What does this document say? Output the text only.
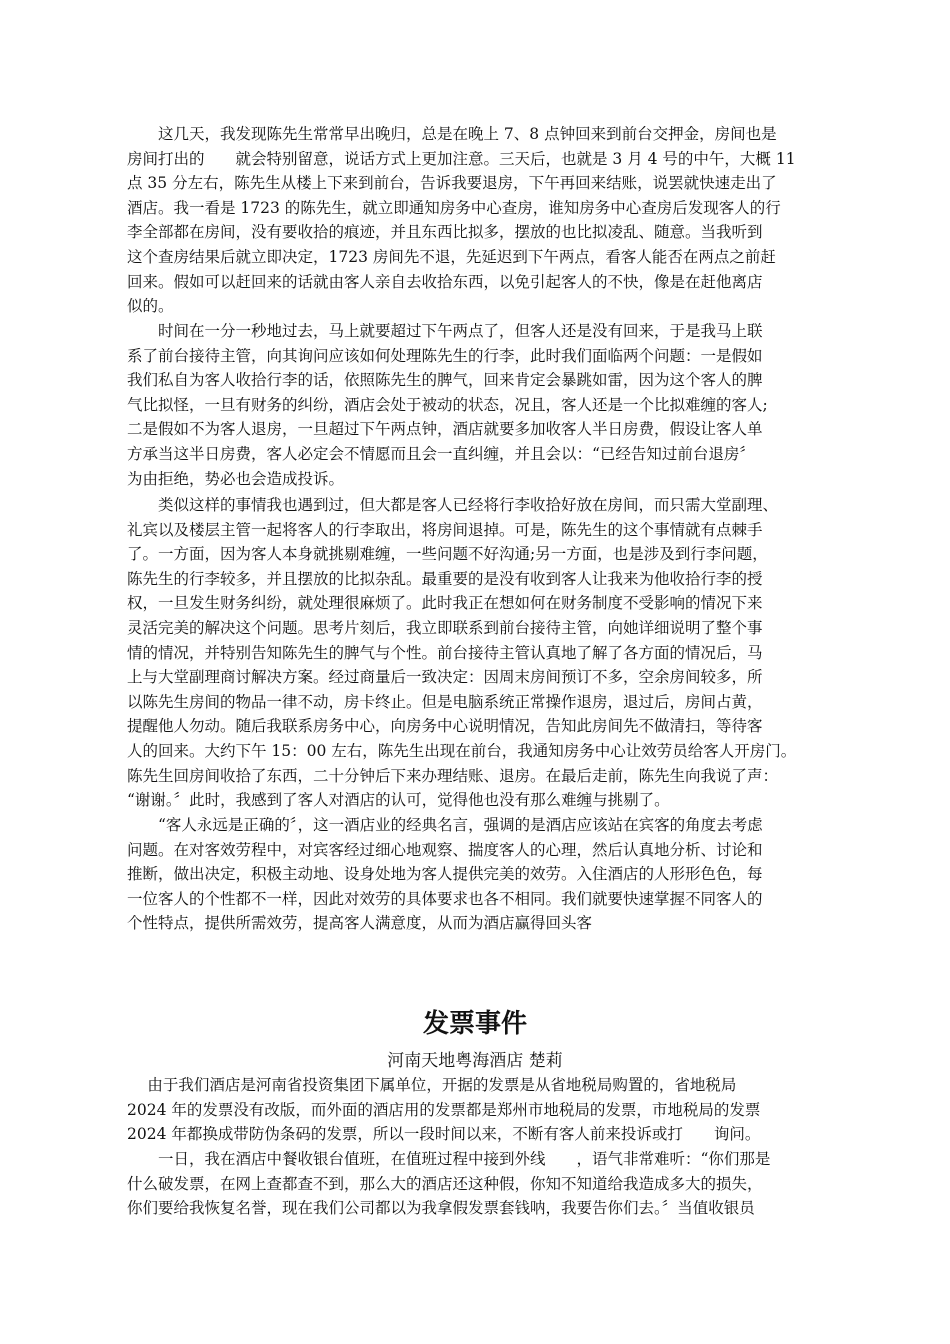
　　这几天，我发现陈先生常常早出晚归，总是在晚上 7、8 点钟回来到前台交押金，房间也是
房间打出的　　就会特别留意，说话方式上更加注意。三天后，也就是 3 月 4 号的中午，大概 11
点 35 分左右，陈先生从楼上下来到前台，告诉我要退房，下午再回来结账，说罢就快速走出了
酒店。我一看是 1723 的陈先生，就立即通知房务中心查房，谁知房务中心查房后发现客人的行
李全部都在房间，没有要收拾的痕迹，并且东西比拟多，摆放的也比拟凌乱、随意。当我听到
这个查房结果后就立即决定，1723 房间先不退，先延迟到下午两点，看客人能否在两点之前赶
回来。假如可以赶回来的话就由客人亲自去收拾东西，以免引起客人的不快，像是在赶他离店
似的。
　　时间在一分一秒地过去，马上就要超过下午两点了，但客人还是没有回来，于是我马上联
系了前台接待主管，向其询问应该如何处理陈先生的行李，此时我们面临两个问题：一是假如
我们私自为客人收拾行李的话，依照陈先生的脾气，回来肯定会暴跳如雷，因为这个客人的脾
气比拟怪，一旦有财务的纠纷，酒店会处于被动的状态，况且，客人还是一个比拟难缠的客人;
二是假如不为客人退房，一旦超过下午两点钟，酒店就要多加收客人半日房费，假设让客人单
方承当这半日房费，客人必定会不情愿而且会一直纠缠，并且会以：“已经告知过前台退房〞
为由拒绝，势必也会造成投诉。
　　类似这样的事情我也遇到过，但大都是客人已经将行李收拾好放在房间，而只需大堂副理、
礼宾以及楼层主管一起将客人的行李取出，将房间退掉。可是，陈先生的这个事情就有点棘手
了。一方面，因为客人本身就挑剔难缠，一些问题不好沟通;另一方面，也是涉及到行李问题，
陈先生的行李较多，并且摆放的比拟杂乱。最重要的是没有收到客人让我来为他收拾行李的授
权，一旦发生财务纠纷，就处理很麻烦了。此时我正在想如何在财务制度不受影响的情况下来
灵活完美的解决这个问题。思考片刻后，我立即联系到前台接待主管，向她详细说明了整个事
情的情况，并特别告知陈先生的脾气与个性。前台接待主管认真地了解了各方面的情况后，马
上与大堂副理商讨解决方案。经过商量后一致决定：因周末房间预订不多，空余房间较多，所
以陈先生房间的物品一律不动，房卡终止。但是电脑系统正常操作退房，退过后，房间占黄，
提醒他人勿动。随后我联系房务中心，向房务中心说明情况，告知此房间先不做清扫，等待客
人的回来。大约下午 15：00 左右，陈先生出现在前台，我通知房务中心让效劳员给客人开房门。
陈先生回房间收拾了东西，二十分钟后下来办理结账、退房。在最后走前，陈先生向我说了声：
“谢谢。〞此时，我感到了客人对酒店的认可，觉得他也没有那么难缠与挑剔了。
　　“客人永远是正确的〞，这一酒店业的经典名言，强调的是酒店应该站在宾客的角度去考虑
问题。在对客效劳程中，对宾客经过细心地观察、揣度客人的心理，然后认真地分析、讨论和
推断，做出决定，积极主动地、设身处地为客人提供完美的效劳。入住酒店的人形形色色，每
一位客人的个性都不一样，因此对效劳的具体要求也各不相同。我们就要快速掌握不同客人的
个性特点，提供所需效劳，提高客人满意度，从而为酒店赢得回头客
发票事件

河南天地粤海酒店 楚莉

　 由于我们酒店是河南省投资集团下属单位，开据的发票是从省地税局购置的，省地税局
2024 年的发票没有改版，而外面的酒店用的发票都是郑州市地税局的发票，市地税局的发票
2024 年都换成带防伪条码的发票，所以一段时间以来，不断有客人前来投诉或打　　询问。
　　一日，我在酒店中餐收银台值班，在值班过程中接到外线　　，语气非常难听：“你们那是
什么破发票，在网上查都查不到，那么大的酒店还这种假，你知不知道给我造成多大的损失，
你们要给我恢复名誉，现在我们公司都以为我拿假发票套钱呐，我要告你们去。〞当值收银员
